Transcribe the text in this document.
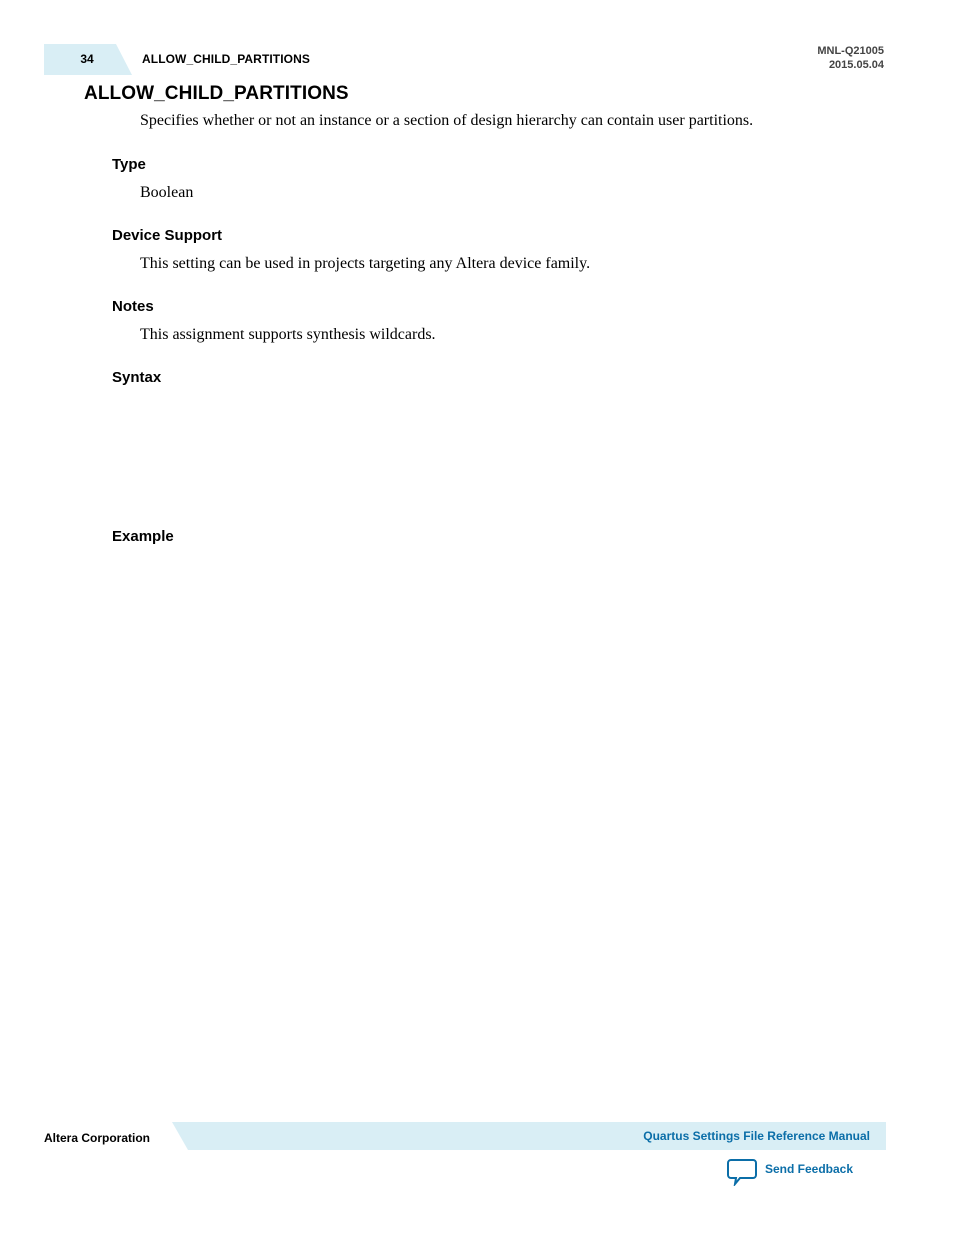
34	ALLOW_CHILD_PARTITIONS
MNL-Q21005
2015.05.04
ALLOW_CHILD_PARTITIONS

Specifies whether or not an instance or a section of design hierarchy can contain user partitions.

Type

Boolean

Device Support

This setting can be used in projects targeting any Altera device family.

Notes

This assignment supports synthesis wildcards.

Syntax
Example
Altera Corporation	Quartus Settings File Reference Manual
Send Feedback
